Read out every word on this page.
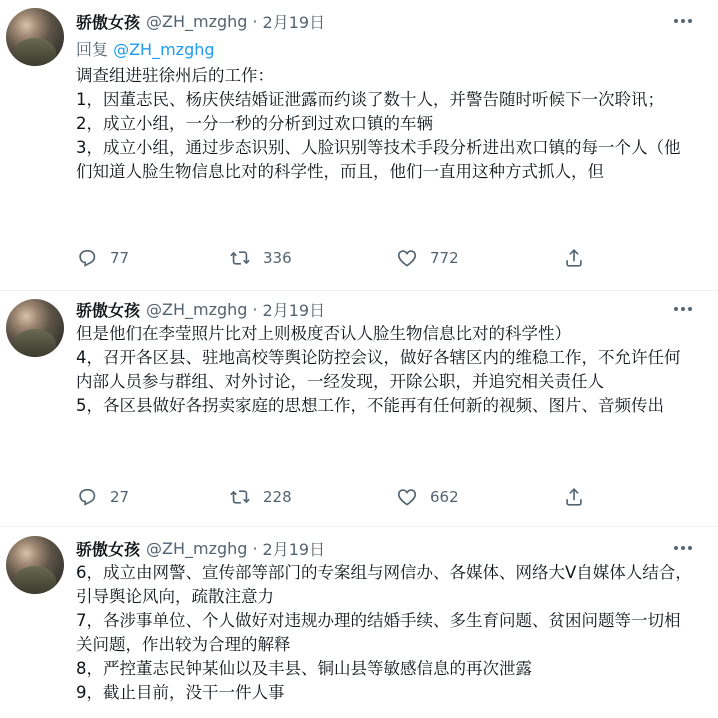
骄傲女孩 @ZH_mzghg · 2月19日
回复 @ZH_mzghg

调查组进驻徐州后的工作：

1，因董志民、杨庆侠结婚证泄露而约谈了数十人，并警告随时听候下一次聆讯；

2，成立小组，一分一秒的分析到过欢口镇的车辆

3，成立小组，通过步态识别、人脸识别等技术手段分析进出欢口镇的每一个人（他们知道人脸生物信息比对的科学性，而且，他们一直用这种方式抓人，但

77	336	772
骄傲女孩 @ZH_mzghg · 2月19日

但是他们在李莹照片比对上则极度否认人脸生物信息比对的科学性）

4，召开各区县、驻地高校等舆论防控会议，做好各辖区内的维稳工作，不允许任何内部人员参与群组、对外讨论，一经发现，开除公职，并追究相关责任人

5，各区县做好各拐卖家庭的思想工作，不能再有任何新的视频、图片、音频传出

27	228	662
骄傲女孩 @ZH_mzghg · 2月19日

6，成立由网警、宣传部等部门的专案组与网信办、各媒体、网络大V自媒体人结合，引导舆论风向，疏散注意力

7，各涉事单位、个人做好对违规办理的结婚手续、多生育问题、贫困问题等一切相关问题，作出较为合理的解释

8，严控董志民钟某仙以及丰县、铜山县等敏感信息的再次泄露

9，截止目前，没干一件人事
